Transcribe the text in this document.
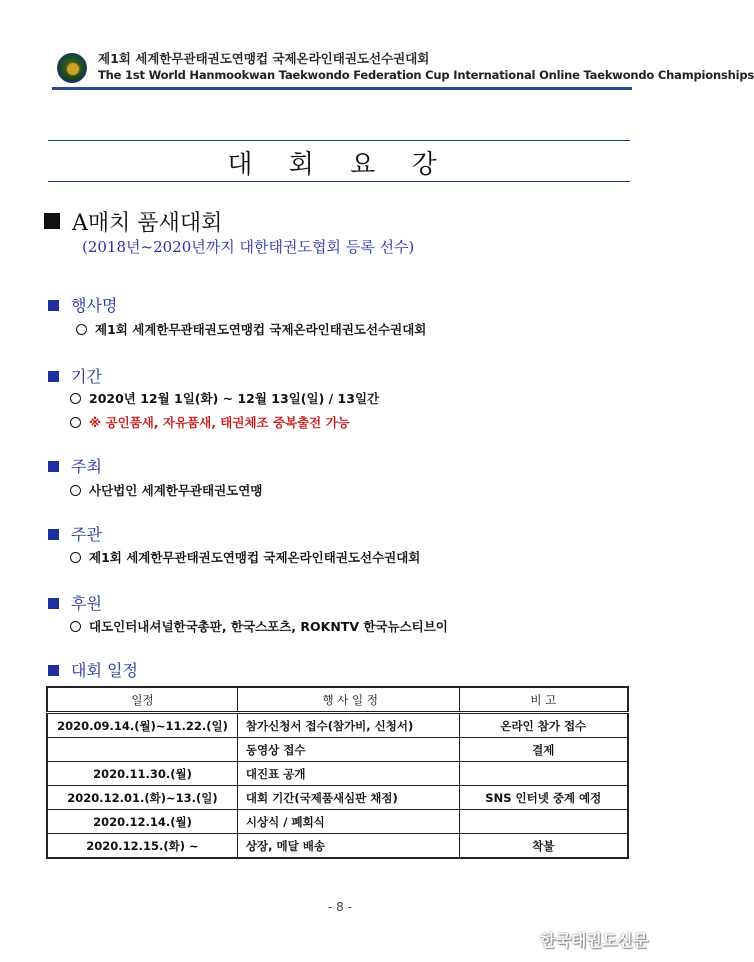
제1회 세계한무관태권도연맹컵 국제온라인태권도선수권대회
The 1st World Hanmookwan Taekwondo Federation Cup International Online Taekwondo Championships
대 회 요 강
A매치 품새대회
(2018년~2020년까지 대한태권도협회 등록 선수)
행사명
제1회 세계한무관태권도연맹컵 국제온라인태권도선수권대회
기간
2020년 12월 1일(화) ~ 12월 13일(일) / 13일간
※ 공인품새, 자유품새, 태권체조 중복출전 가능
주최
사단법인 세계한무관태권도연맹
주관
제1회 세계한무관태권도연맹컵 국제온라인태권도선수권대회
후원
대도인터내셔널한국총판, 한국스포츠, ROKNTV 한국뉴스티브이
대회 일정
일정	행 사 일 정	비 고
2020.09.14.(월)~11.22.(일)	참가신청서 접수(참가비, 신청서)	온라인 참가 접수
	동영상 접수	결제
2020.11.30.(월)	대진표 공개	
2020.12.01.(화)~13.(일)	대회 기간(국제품새심판 채점)	SNS 인터넷 중계 예정
2020.12.14.(월)	시상식 / 폐회식	
2020.12.15.(화) ~	상장, 메달 배송	착불
- 8 -
한국태권도신문
